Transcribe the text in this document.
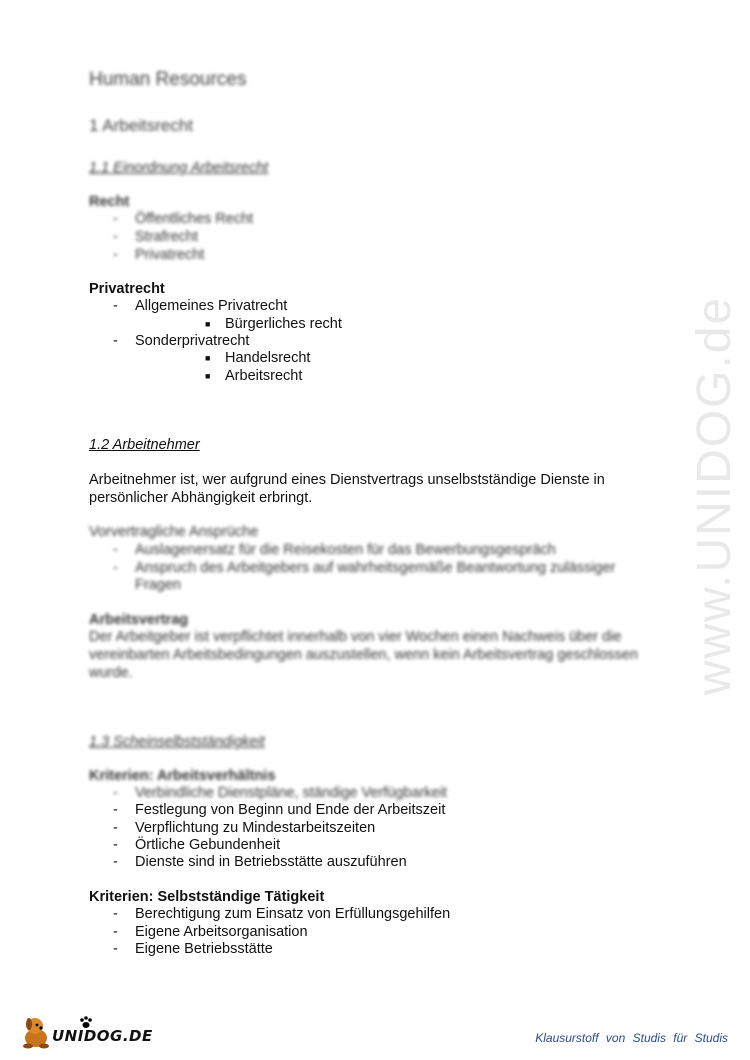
www.UNIDOG.de
Human Resources
1 Arbeitsrecht
1.1 Einordnung Arbeitsrecht
Recht
- Öffentliches Recht
- Strafrecht
- Privatrecht
Privatrecht
- Allgemeines Privatrecht
■ Bürgerliches recht
- Sonderprivatrecht
■ Handelsrecht
■ Arbeitsrecht
1.2 Arbeitnehmer
Arbeitnehmer ist, wer aufgrund eines Dienstvertrags unselbstständige Dienste in
persönlicher Abhängigkeit erbringt.
Vorvertragliche Ansprüche
- Auslagenersatz für die Reisekosten für das Bewerbungsgespräch
- Anspruch des Arbeitgebers auf wahrheitsgemäße Beantwortung zulässiger
Fragen
Arbeitsvertrag
Der Arbeitgeber ist verpflichtet innerhalb von vier Wochen einen Nachweis über die
vereinbarten Arbeitsbedingungen auszustellen, wenn kein Arbeitsvertrag geschlossen
wurde.
1.3 Scheinselbstständigkeit
Kriterien: Arbeitsverhältnis
- Verbindliche Dienstpläne, ständige Verfügbarkeit
- Festlegung von Beginn und Ende der Arbeitszeit
- Verpflichtung zu Mindestarbeitszeiten
- Örtliche Gebundenheit
- Dienste sind in Betriebsstätte auszuführen
Kriterien: Selbstständige Tätigkeit
- Berechtigung zum Einsatz von Erfüllungsgehilfen
- Eigene Arbeitsorganisation
- Eigene Betriebsstätte
UNIDOG.DE	Klausurstoff von Studis für Studis
